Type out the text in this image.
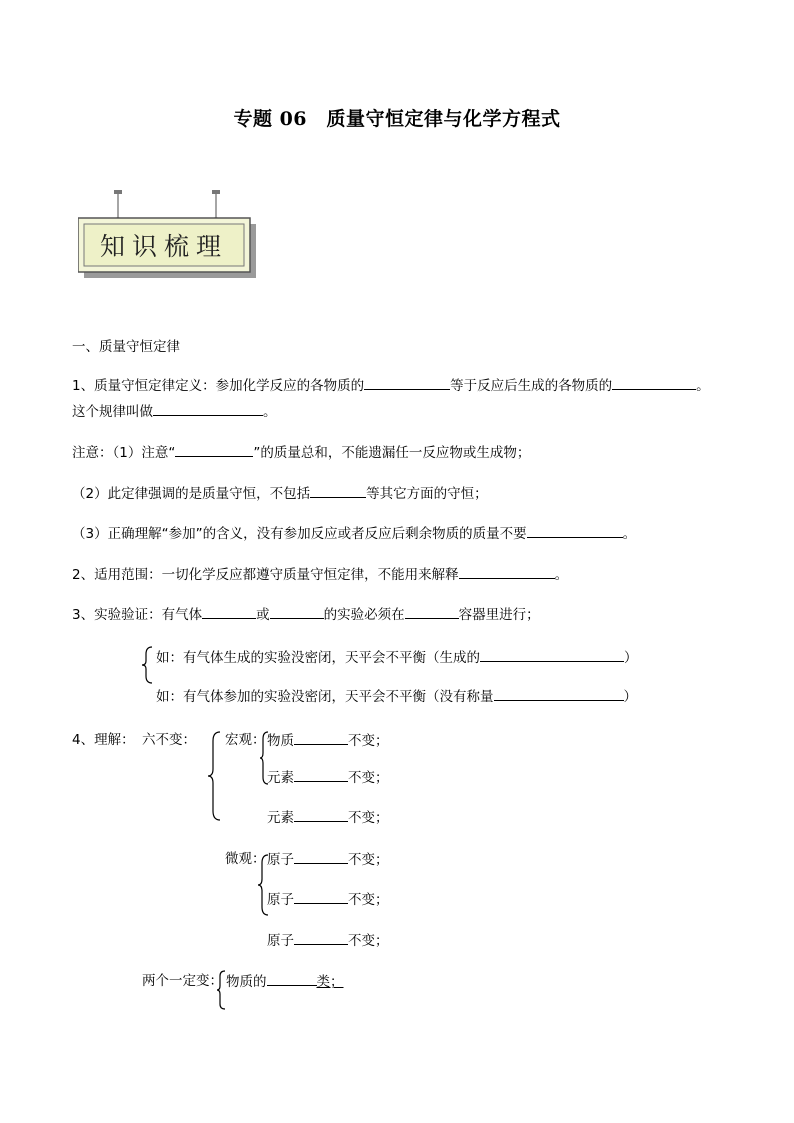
专题 06　质量守恒定律与化学方程式
知识梳理
一、质量守恒定律
1、质量守恒定律定义：参加化学反应的各物质的	等于反应后生成的各物质的	。
这个规律叫做	。
注意：（1）注意“	”的质量总和，不能遗漏任一反应物或生成物；
（2）此定律强调的是质量守恒，不包括	等其它方面的守恒；
（3）正确理解“参加”的含义，没有参加反应或者反应后剩余物质的质量不要	。
2、适用范围：一切化学反应都遵守质量守恒定律，不能用来解释	。
3、实验验证：有气体	或	的实验必须在	容器里进行；
如：有气体生成的实验没密闭，天平会不平衡（生成的	）
如：有气体参加的实验没密闭，天平会不平衡（没有称量	）
4、理解： 六不变： 宏观： 物质	不变；
元素	不变；
元素	不变；
微观： 原子	不变；
原子	不变；
原子	不变；
两个一定变： 物质的	类；
